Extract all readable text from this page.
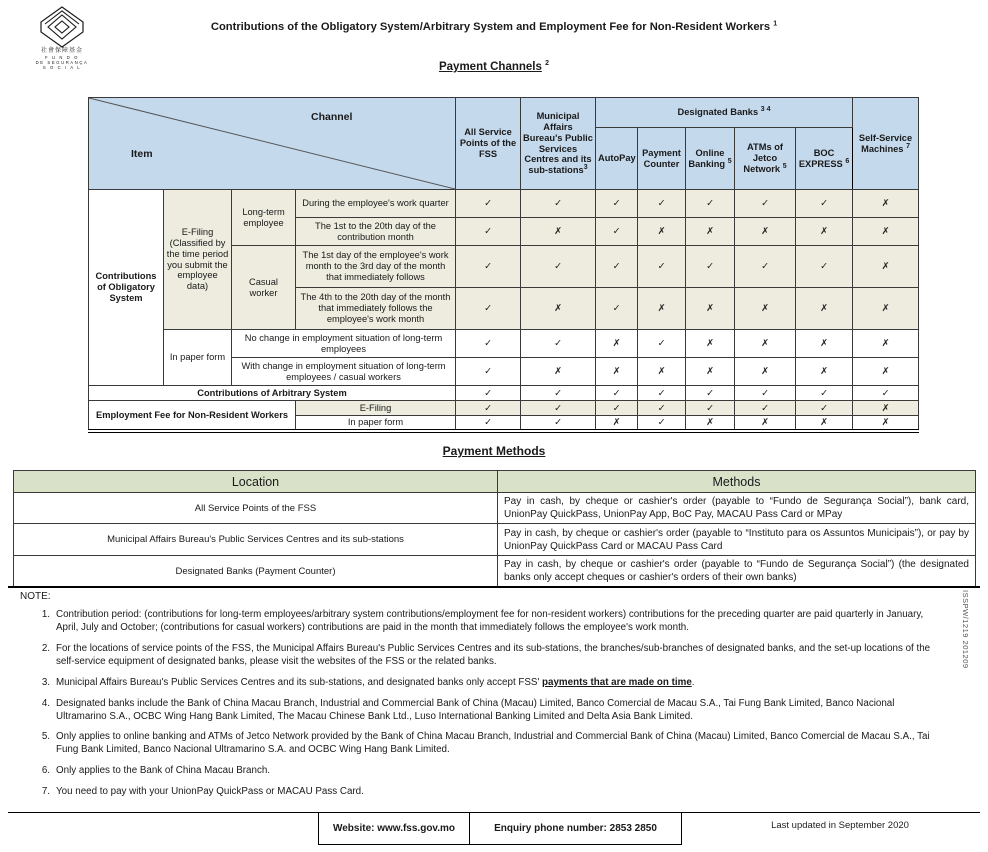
社會保障基金
F U N D O
DE SEGURANÇA
S O C I A L
Contributions of the Obligatory System/Arbitrary System and Employment Fee for Non-Resident Workers $^1$
Payment Channels $^2$
Channel
Item				All Service Points of the FSS	Municipal Affairs Bureau's Public Services Centres and its sub-stations$^3$	Designated Banks $^{3 4}$					Self-Service Machines $^7$
						AutoPay	Payment Counter	Online Banking $^5$	ATMs of Jetco Network $^5$	BOC EXPRESS $^6$
Contributions of Obligatory System	E-Filing (Classified by the time period you submit the employee data)	Long-term employee	During the employee's work quarter	✓	✓	✓	✓	✓	✓	✓	✗
			The 1st to the 20th day of the contribution month	✓	✗	✓	✗	✗	✗	✗	✗
		Casual worker	The 1st day of the employee's work month to the 3rd day of the month that immediately follows	✓	✓	✓	✓	✓	✓	✓	✗
			The 4th to the 20th day of the month that immediately follows the employee's work month	✓	✗	✓	✗	✗	✗	✗	✗
	In paper form	No change in employment situation of long-term employees		✓	✓	✗	✓	✗	✗	✗	✗
		With change in employment situation of long-term employees / casual workers		✓	✗	✗	✗	✗	✗	✗	✗
Contributions of Arbitrary System				✓	✓	✓	✓	✓	✓	✓	✓
Employment Fee for Non-Resident Workers			E-Filing	✓	✓	✓	✓	✓	✓	✓	✗
			In paper form	✓	✓	✗	✓	✗	✗	✗	✗
Payment Methods
Location	Methods
All Service Points of the FSS	Pay in cash, by cheque or cashier's order (payable to “Fundo de Segurança Social”), bank card, UnionPay QuickPass, UnionPay App, BoC Pay, MACAU Pass Card or MPay
Municipal Affairs Bureau's Public Services Centres and its sub-stations	Pay in cash, by cheque or cashier's order (payable to “Instituto para os Assuntos Municipais”), or pay by UnionPay QuickPass Card or MACAU Pass Card
Designated Banks (Payment Counter)	Pay in cash, by cheque or cashier's order (payable to “Fundo de Segurança Social”) (the designated banks only accept cheques or cashier's orders of their own banks)
NOTE:
1. Contribution period: (contributions for long-term employees/arbitrary system contributions/employment fee for non-resident workers) contributions for the preceding quarter are paid quarterly in January, April, July and October; (contributions for casual workers) contributions are paid in the month that immediately follows the employee's work month.
2. For the locations of service points of the FSS, the Municipal Affairs Bureau's Public Services Centres and its sub-stations, the branches/sub-branches of designated banks, and the set-up locations of the self-service equipment of designated banks, please visit the websites of the FSS or the related banks.
3. Municipal Affairs Bureau's Public Services Centres and its sub-stations, and designated banks only accept FSS' payments that are made on time.
4. Designated banks include the Bank of China Macau Branch, Industrial and Commercial Bank of China (Macau) Limited, Banco Comercial de Macau S.A., Tai Fung Bank Limited, Banco Nacional Ultramarino S.A., OCBC Wing Hang Bank Limited, The Macau Chinese Bank Ltd., Luso International Banking Limited and Delta Asia Bank Limited.
5. Only applies to online banking and ATMs of Jetco Network provided by the Bank of China Macau Branch, Industrial and Commercial Bank of China (Macau) Limited, Banco Comercial de Macau S.A., Tai Fung Bank Limited, Banco Nacional Ultramarino S.A. and OCBC Wing Hang Bank Limited.
6. Only applies to the Bank of China Macau Branch.
7. You need to pay with your UnionPay QuickPass or MACAU Pass Card.
ISSPW/1219 201209
Website: www.fss.gov.mo	Enquiry phone number: 2853 2850	Last updated in September 2020
